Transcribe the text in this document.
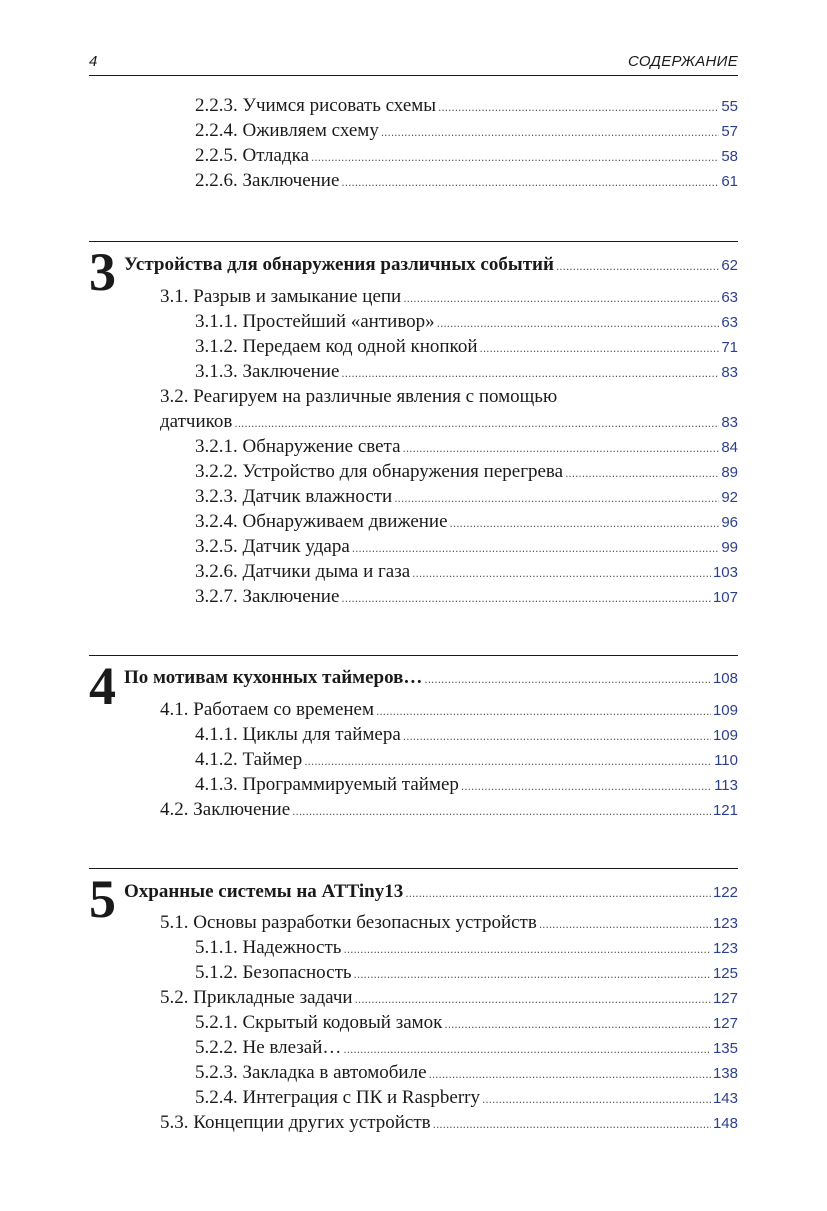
4	СОДЕРЖАНИЕ
2.2.3. Учимся рисовать схемы .....	55
2.2.4. Оживляем схему .....	57
2.2.5. Отладка .....	58
2.2.6. Заключение .....	61
3 Устройства для обнаружения различных событий .....	62
3.1. Разрыв и замыкание цепи .....	63
3.1.1. Простейший «антивор» .....	63
3.1.2. Передаем код одной кнопкой .....	71
3.1.3. Заключение .....	83
3.2. Реагируем на различные явления с помощью
датчиков .....	83
3.2.1. Обнаружение света .....	84
3.2.2. Устройство для обнаружения перегрева .....	89
3.2.3. Датчик влажности .....	92
3.2.4. Обнаруживаем движение .....	96
3.2.5. Датчик удара .....	99
3.2.6. Датчики дыма и газа .....	103
3.2.7. Заключение .....	107
4 По мотивам кухонных таймеров… .....	108
4.1. Работаем со временем .....	109
4.1.1. Циклы для таймера .....	109
4.1.2. Таймер .....	110
4.1.3. Программируемый таймер .....	113
4.2. Заключение .....	121
5 Охранные системы на ATTiny13 .....	122
5.1. Основы разработки безопасных устройств .....	123
5.1.1. Надежность .....	123
5.1.2. Безопасность .....	125
5.2. Прикладные задачи .....	127
5.2.1. Скрытый кодовый замок .....	127
5.2.2. Не влезай… .....	135
5.2.3. Закладка в автомобиле .....	138
5.2.4. Интеграция с ПК и Raspberry .....	143
5.3. Концепции других устройств .....	148
